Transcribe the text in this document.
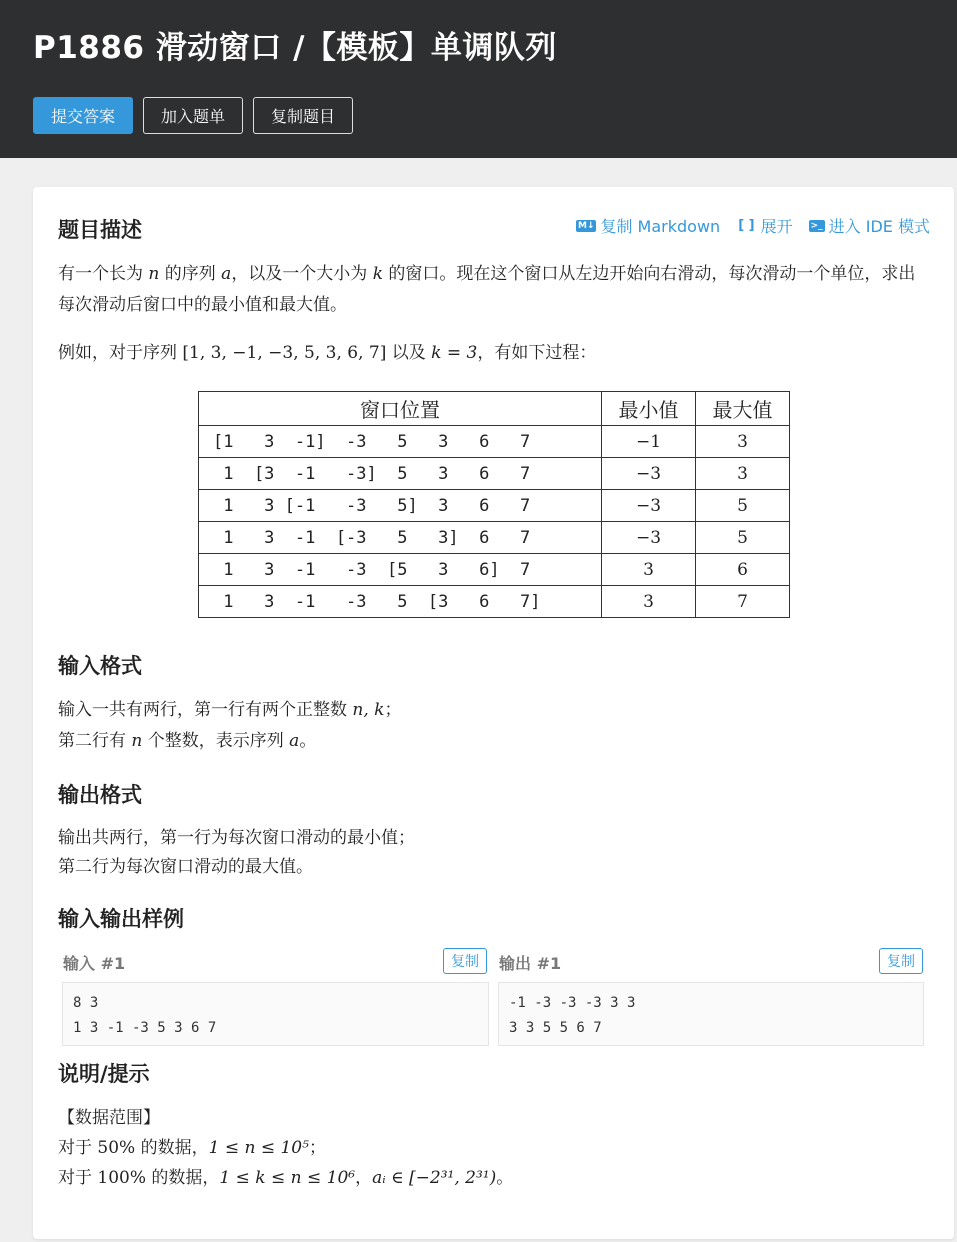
P1886 滑动窗口 /【模板】单调队列
提交答案	加入题单	复制题目
题目描述	M↓ 复制 Markdown [ ] 展开 >_ 进入 IDE 模式
有一个长为 n 的序列 a，以及一个大小为 k 的窗口。现在这个窗口从左边开始向右滑动，每次滑动一个单位，求出每次滑动后窗口中的最小值和最大值。
例如，对于序列 [1, 3, −1, −3, 5, 3, 6, 7] 以及 k = 3，有如下过程：
窗口位置	最小值	最大值
[1   3  -1]  -3   5   3   6   7	−1	3
1  [3  -1   -3]  5   3   6   7	−3	3
1   3 [-1   -3   5]  3   6   7	−3	5
1   3  -1  [-3   5   3]  6   7	−3	5
1   3  -1   -3  [5   3   6]  7	3	6
1   3  -1   -3   5  [3   6   7]	3	7
输入格式
输入一共有两行，第一行有两个正整数 n, k；
第二行有 n 个整数，表示序列 a。
输出格式
输出共两行，第一行为每次窗口滑动的最小值；
第二行为每次窗口滑动的最大值。
输入输出样例
输入 #1	复制
8 3
1 3 -1 -3 5 3 6 7
输出 #1	复制
-1 -3 -3 -3 3 3
3 3 5 5 6 7
说明/提示
【数据范围】
对于 50% 的数据，1 ≤ n ≤ 10⁵；
对于 100% 的数据，1 ≤ k ≤ n ≤ 10⁶，aᵢ ∈ [−2³¹, 2³¹)。
